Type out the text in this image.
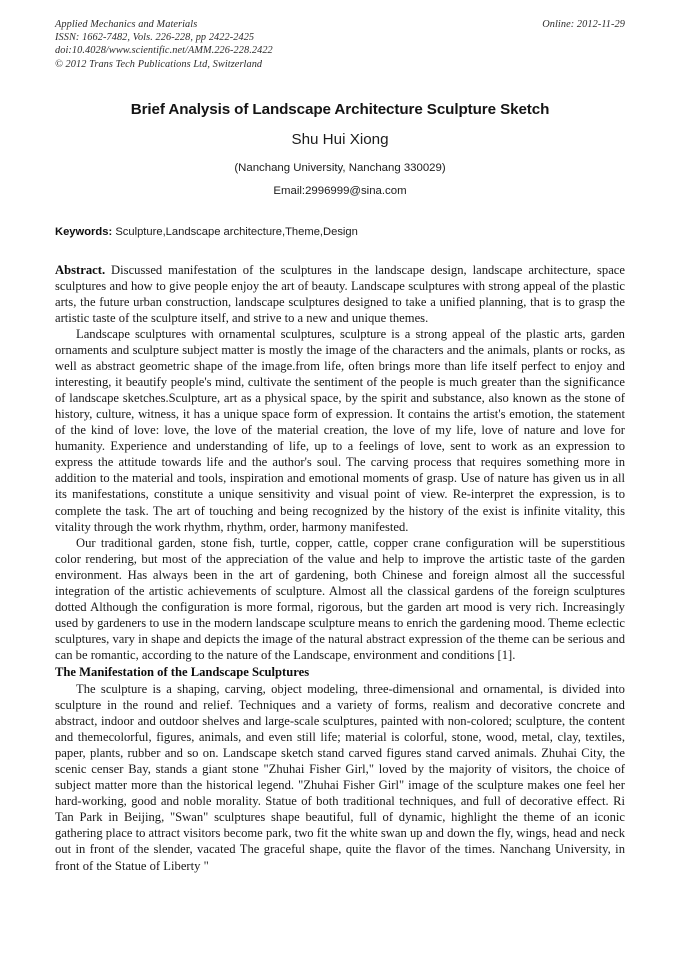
Applied Mechanics and Materials
ISSN: 1662-7482, Vols. 226-228, pp 2422-2425
doi:10.4028/www.scientific.net/AMM.226-228.2422
© 2012 Trans Tech Publications Ltd, Switzerland
Online: 2012-11-29
Brief Analysis of Landscape Architecture Sculpture Sketch
Shu Hui Xiong
(Nanchang University, Nanchang 330029)
Email:2996999@sina.com
Keywords: Sculpture,Landscape architecture,Theme,Design

Abstract. Discussed manifestation of the sculptures in the landscape design, landscape architecture, space sculptures and how to give people enjoy the art of beauty. Landscape sculptures with strong appeal of the plastic arts, the future urban construction, landscape sculptures designed to take a unified planning, that is to grasp the artistic taste of the sculpture itself, and strive to a new and unique themes.

Landscape sculptures with ornamental sculptures, sculpture is a strong appeal of the plastic arts, garden ornaments and sculpture subject matter is mostly the image of the characters and the animals, plants or rocks, as well as abstract geometric shape of the image.from life, often brings more than life itself perfect to enjoy and interesting, it beautify people's mind, cultivate the sentiment of the people is much greater than the significance of landscape sketches.Sculpture, art as a physical space, by the spirit and substance, also known as the stone of history, culture, witness, it has a unique space form of expression. It contains the artist's emotion, the statement of the kind of love: love, the love of the material creation, the love of my life, love of nature and love for humanity. Experience and understanding of life, up to a feelings of love, sent to work as an expression to express the attitude towards life and the author's soul. The carving process that requires something more in addition to the material and tools, inspiration and emotional moments of grasp. Use of nature has given us in all its manifestations, constitute a unique sensitivity and visual point of view. Re-interpret the expression, is to complete the task. The art of touching and being recognized by the history of the exist is infinite vitality, this vitality through the work rhythm, rhythm, order, harmony manifested.

Our traditional garden, stone fish, turtle, copper, cattle, copper crane configuration will be superstitious color rendering, but most of the appreciation of the value and help to improve the artistic taste of the garden environment. Has always been in the art of gardening, both Chinese and foreign almost all the successful integration of the artistic achievements of sculpture. Almost all the classical gardens of the foreign sculptures dotted Although the configuration is more formal, rigorous, but the garden art mood is very rich. Increasingly used by gardeners to use in the modern landscape sculpture means to enrich the gardening mood. Theme eclectic sculptures, vary in shape and depicts the image of the natural abstract expression of the theme can be serious and can be romantic, according to the nature of the Landscape, environment and conditions [1].

The Manifestation of the Landscape Sculptures

The sculpture is a shaping, carving, object modeling, three-dimensional and ornamental, is divided into sculpture in the round and relief. Techniques and a variety of forms, realism and decorative concrete and abstract, indoor and outdoor shelves and large-scale sculptures, painted with non-colored; sculpture, the content and themecolorful, figures, animals, and even still life; material is colorful, stone, wood, metal, clay, textiles, paper, plants, rubber and so on. Landscape sketch stand carved figures stand carved animals. Zhuhai City, the scenic censer Bay, stands a giant stone "Zhuhai Fisher Girl," loved by the majority of visitors, the choice of subject matter more than the historical legend. "Zhuhai Fisher Girl" image of the sculpture makes one feel her hard-working, good and noble morality. Statue of both traditional techniques, and full of decorative effect. Ri Tan Park in Beijing, "Swan" sculptures shape beautiful, full of dynamic, highlight the theme of an iconic gathering place to attract visitors become park, two fit the white swan up and down the fly, wings, head and neck out in front of the slender, vacated The graceful shape, quite the flavor of the times. Nanchang University, in front of the Statue of Liberty "
